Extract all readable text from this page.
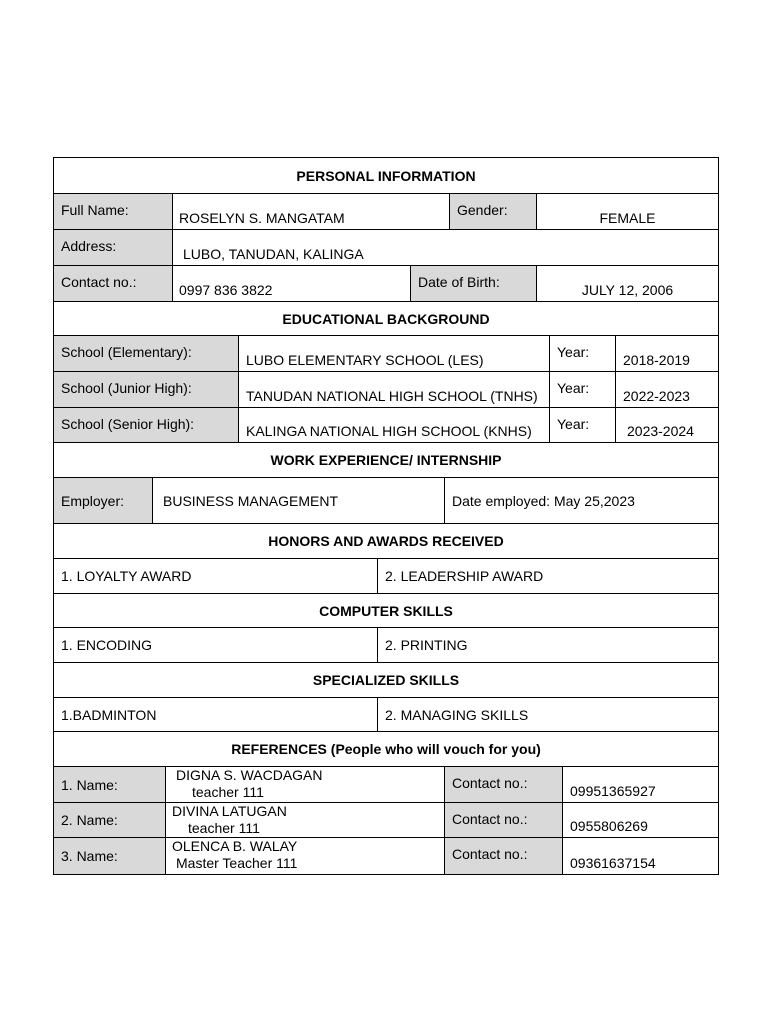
PERSONAL INFORMATION
Full Name:	ROSELYN S. MANGATAM	Gender:	FEMALE
Address:	LUBO, TANUDAN, KALINGA
Contact no.:	0997 836 3822	Date of Birth:	JULY 12, 2006
EDUCATIONAL BACKGROUND
School (Elementary):	LUBO ELEMENTARY SCHOOL (LES)	Year: 2018-2019
School (Junior High):	TANUDAN NATIONAL HIGH SCHOOL (TNHS) Year: 2022-2023
School (Senior High):	KALINGA NATIONAL HIGH SCHOOL (KNHS) Year:	2023-2024
WORK EXPERIENCE/ INTERNSHIP
Employer:	BUSINESS MANAGEMENT	Date employed: May 25,2023
HONORS AND AWARDS RECEIVED
1. LOYALTY AWARD	2. LEADERSHIP AWARD
COMPUTER SKILLS
1. ENCODING	2. PRINTING
SPECIALIZED SKILLS
1.BADMINTON	2. MANAGING SKILLS
REFERENCES (People who will vouch for you)
1. Name:
DIGNA S. WACDAGAN
teacher 111
Contact no.:	09951365927
2. Name:
DIVINA LATUGAN
teacher 111
Contact no.:	0955806269
3. Name:
OLENCA B. WALAY
Master Teacher 111
Contact no.:
09361637154
